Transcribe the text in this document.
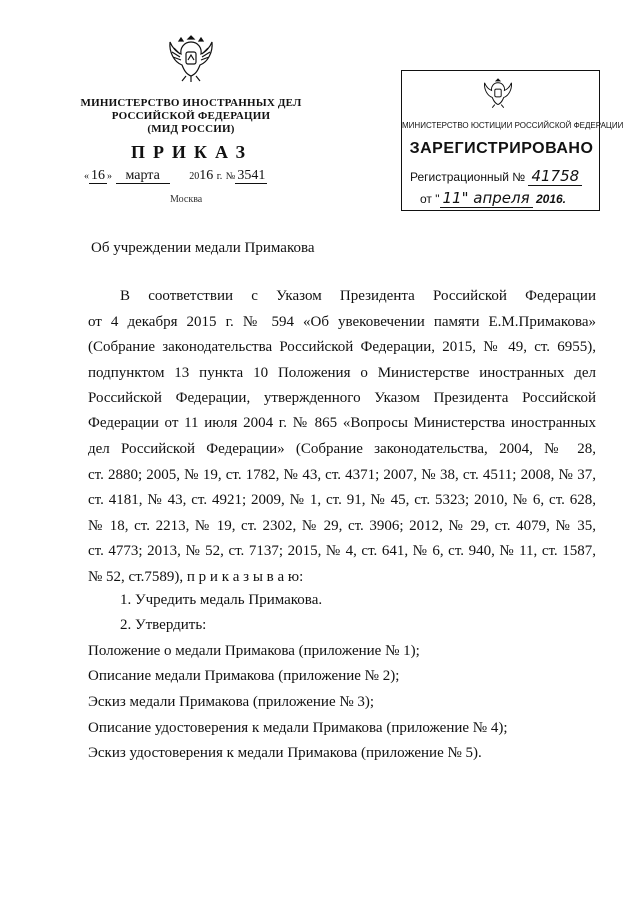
МИНИСТЕРСТВО ИНОСТРАННЫХ ДЕЛ
РОССИЙСКОЙ ФЕДЕРАЦИИ
(МИД РОССИИ)
ПРИКАЗ
« 16 » марта	2016 г. № 3541
Москва
МИНИСТЕРСТВО ЮСТИЦИИ РОССИЙСКОЙ ФЕДЕРАЦИИ
ЗАРЕГИСТРИРОВАНО
Регистрационный № 41758
от " 11" апреля 2016.
Об учреждении медали Примакова
В соответствии с Указом Президента Российской Федерации
от 4 декабря 2015 г. № 594 «Об увековечении памяти Е.М.Примакова»
(Собрание законодательства Российской Федерации, 2015, № 49, ст. 6955),
подпунктом 13 пункта 10 Положения о Министерстве иностранных дел
Российской Федерации, утвержденного Указом Президента Российской
Федерации от 11 июля 2004 г. № 865 «Вопросы Министерства иностранных
дел Российской Федерации» (Собрание законодательства, 2004, № 28,
ст. 2880; 2005, № 19, ст. 1782, № 43, ст. 4371; 2007, № 38, ст. 4511; 2008, № 37,
ст. 4181, № 43, ст. 4921; 2009, № 1, ст. 91, № 45, ст. 5323; 2010, № 6, ст. 628,
№ 18, ст. 2213, № 19, ст. 2302, № 29, ст. 3906; 2012, № 29, ст. 4079, № 35,
ст. 4773; 2013, № 52, ст. 7137; 2015, № 4, ст. 641, № 6, ст. 940, № 11, ст. 1587,
№ 52, ст.7589), п р и к а з ы в а ю:
1. Учредить медаль Примакова.
2. Утвердить:
Положение о медали Примакова (приложение № 1);
Описание медали Примакова (приложение № 2);
Эскиз медали Примакова (приложение № 3);
Описание удостоверения к медали Примакова (приложение № 4);
Эскиз удостоверения к медали Примакова (приложение № 5).
